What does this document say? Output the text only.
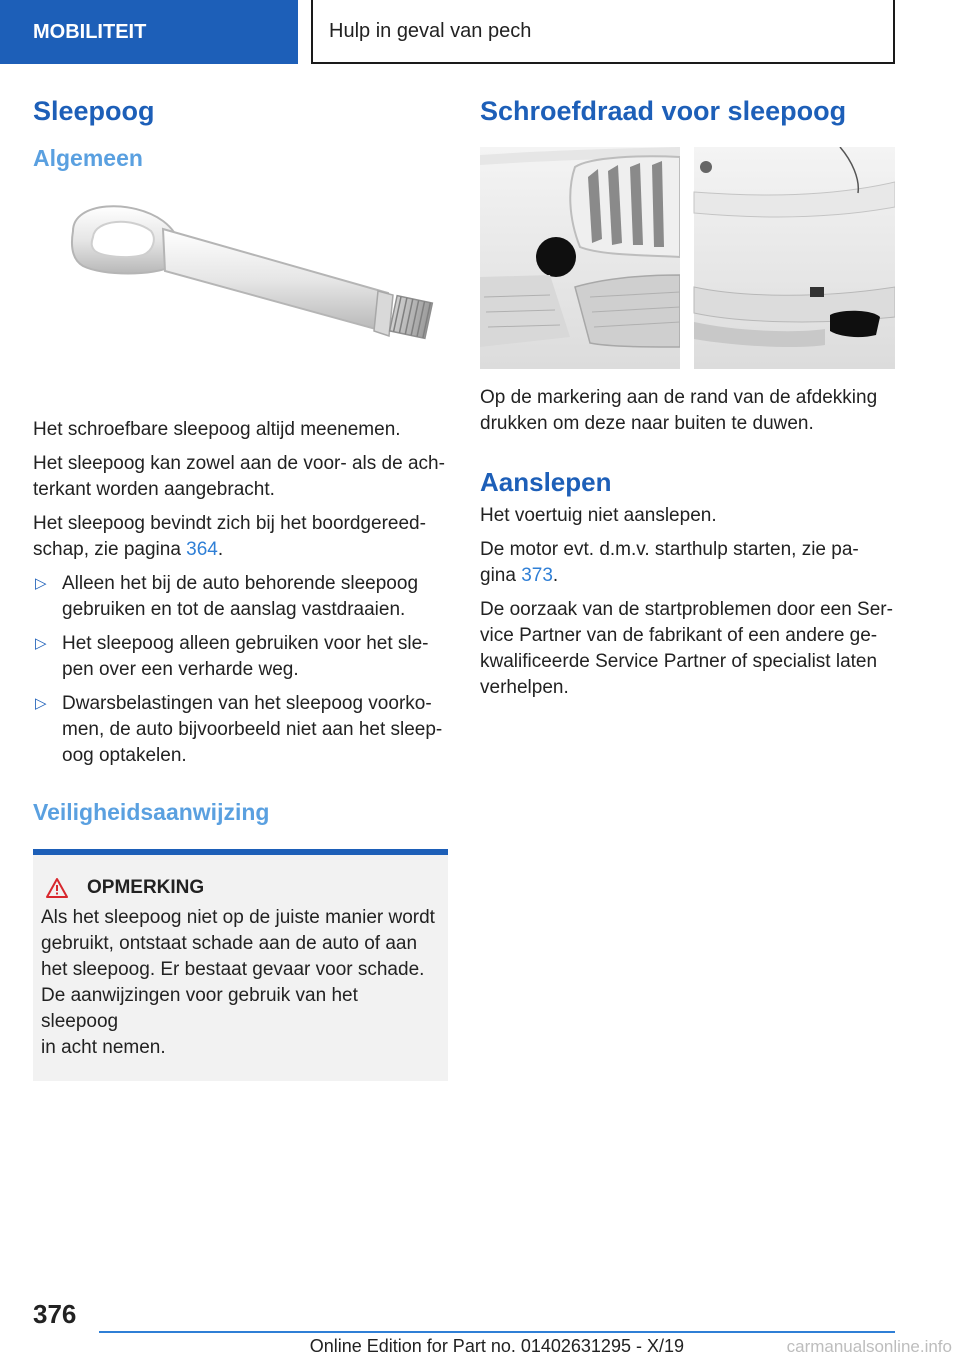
MOBILITEIT	Hulp in geval van pech
Sleepoog
Algemeen

Het schroefbare sleepoog altijd meenemen.

Het sleepoog kan zowel aan de voor- als de ach-
terkant worden aangebracht.

Het sleepoog bevindt zich bij het boordgereed-
schap, zie pagina 364.

▷ Alleen het bij de auto behorende sleepoog
gebruiken en tot de aanslag vastdraaien.
▷ Het sleepoog alleen gebruiken voor het sle-
pen over een verharde weg.
▷ Dwarsbelastingen van het sleepoog voorko-
men, de auto bijvoorbeeld niet aan het sleep-
oog optakelen.
Veiligheidsaanwijzing
OPMERKING
Als het sleepoog niet op de juiste manier wordt
gebruikt, ontstaat schade aan de auto of aan
het sleepoog. Er bestaat gevaar voor schade.
De aanwijzingen voor gebruik van het sleepoog
in acht nemen.
Schroefdraad voor sleepoog

Op de markering aan de rand van de afdekking
drukken om deze naar buiten te duwen.

Aanslepen

Het voertuig niet aanslepen.

De motor evt. d.m.v. starthulp starten, zie pa-
gina 373.

De oorzaak van de startproblemen door een Ser-
vice Partner van de fabrikant of een andere ge-
kwalificeerde Service Partner of specialist laten
verhelpen.

376
Online Edition for Part no. 01402631295 - X/19	carmanualsonline.info
